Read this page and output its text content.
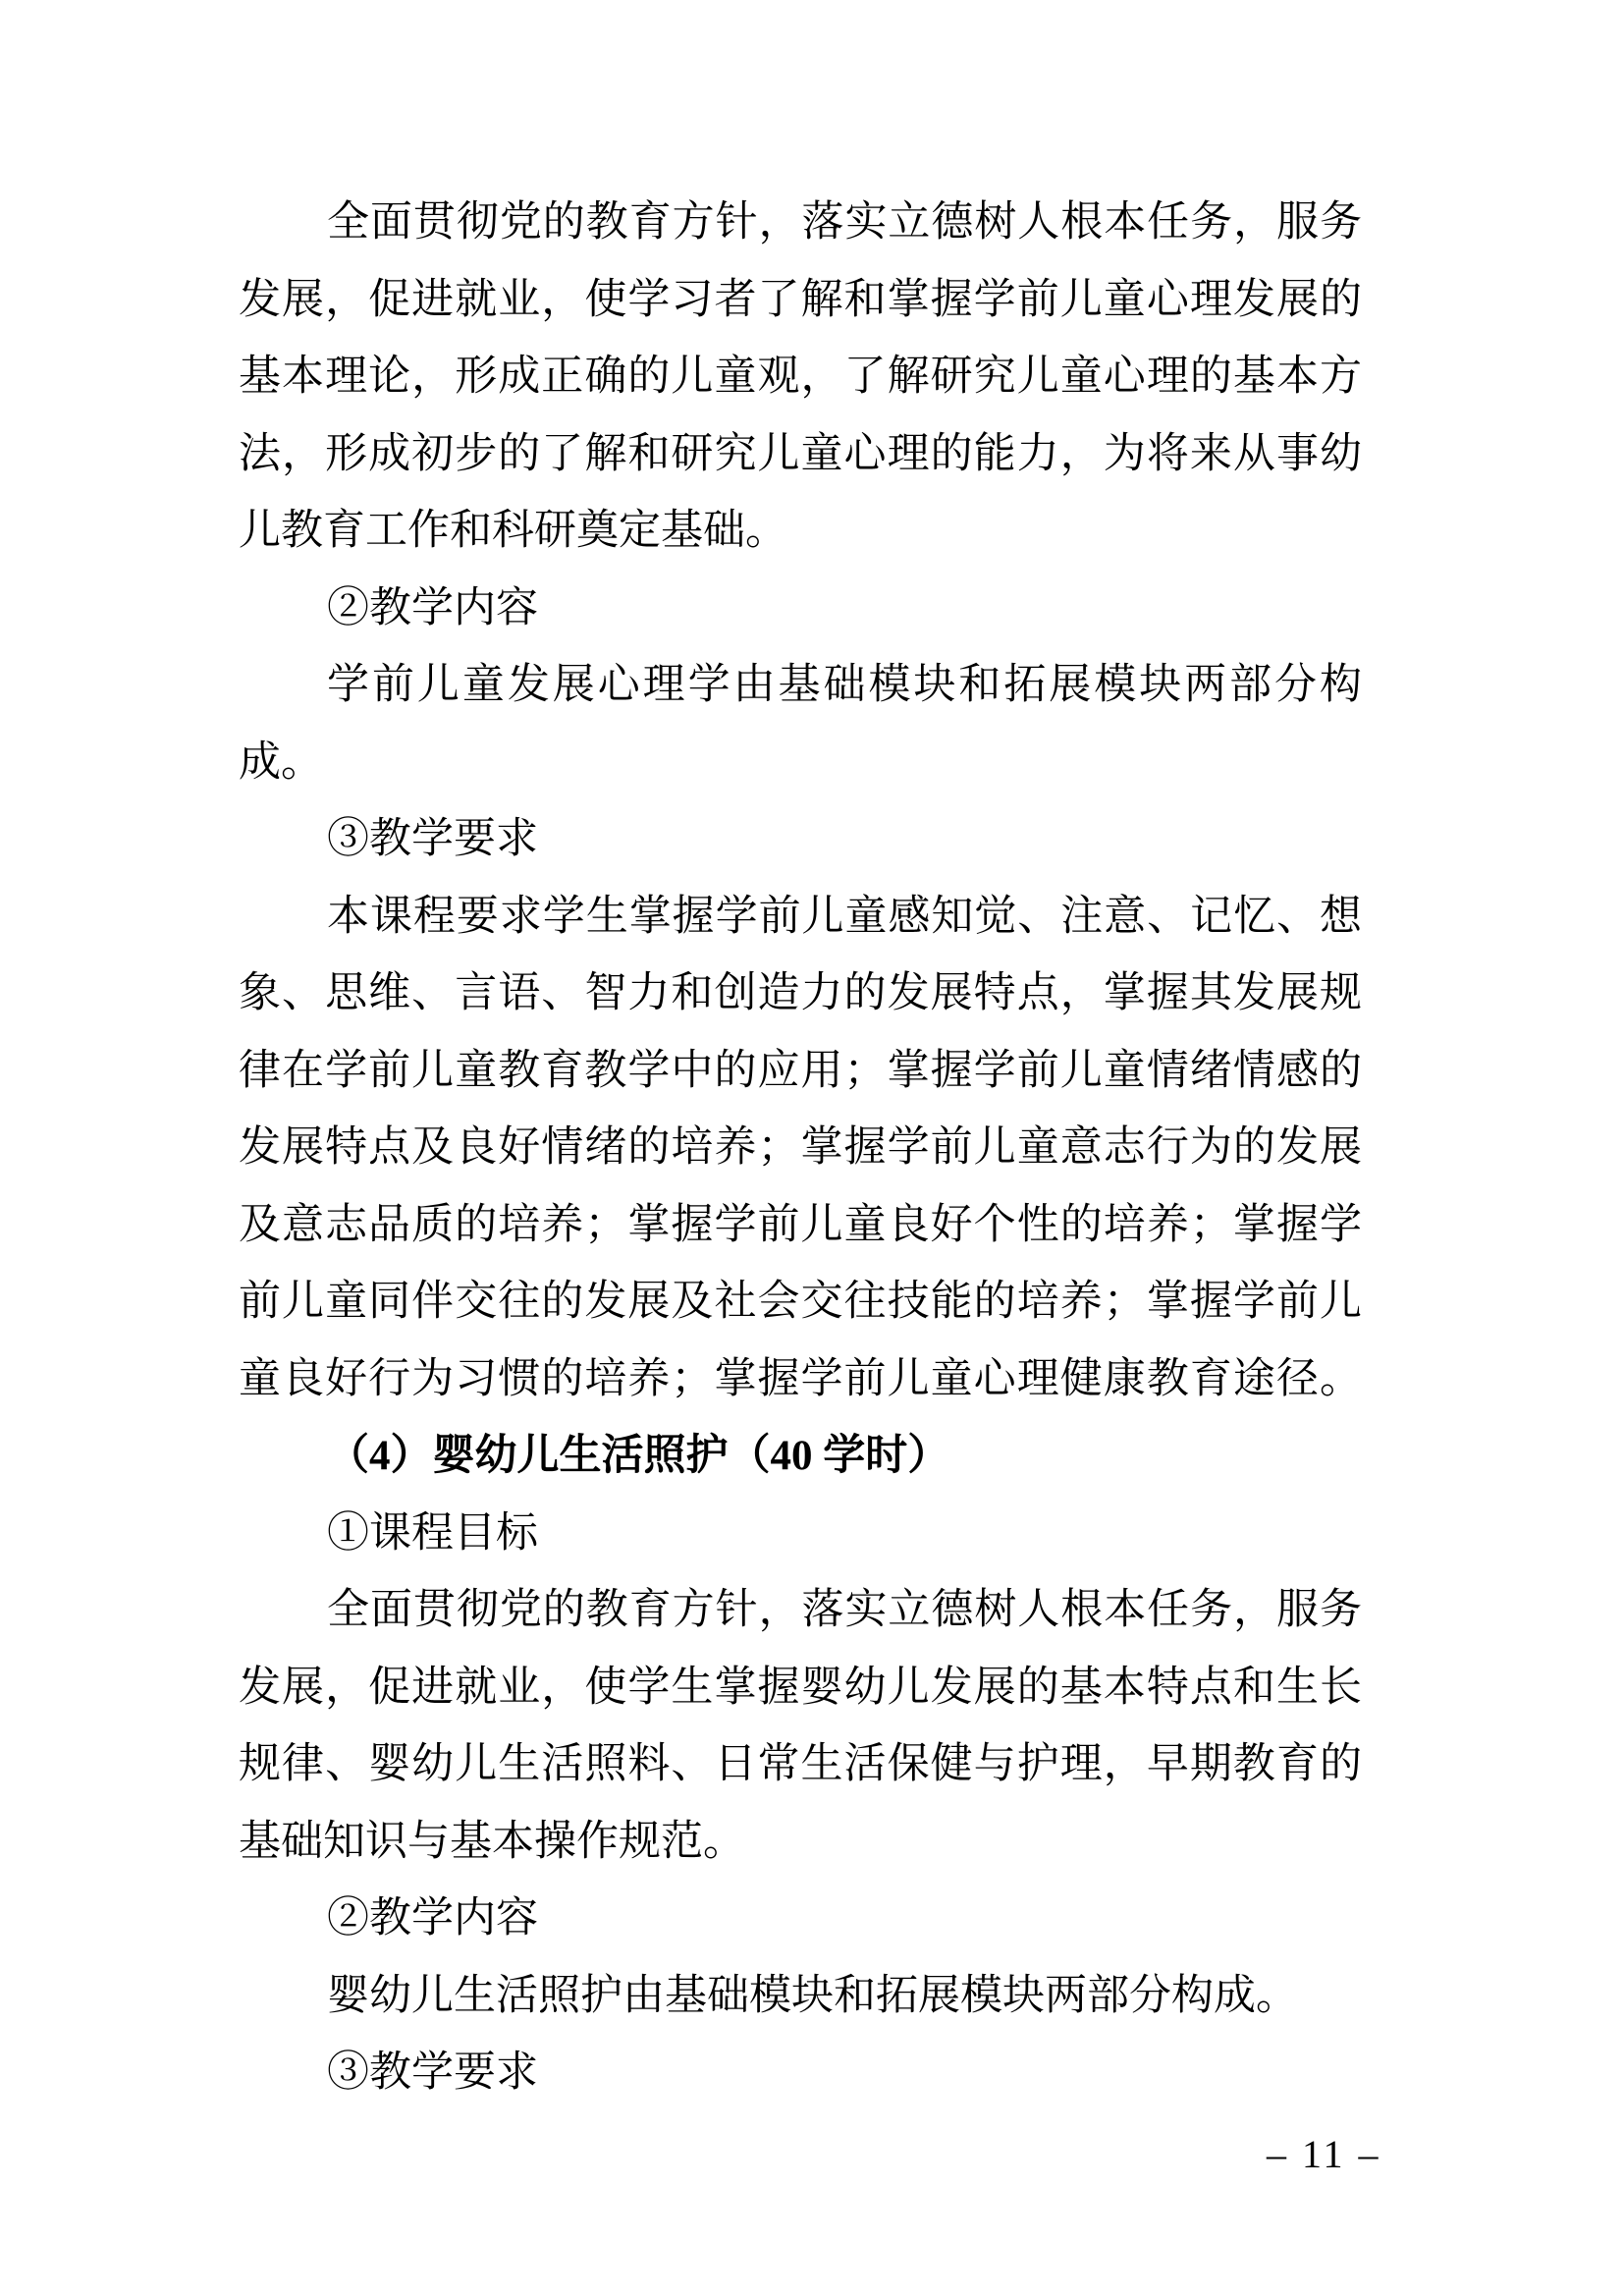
全面贯彻党的教育方针，落实立德树人根本任务，服务
发展，促进就业，使学习者了解和掌握学前儿童心理发展的
基本理论，形成正确的儿童观，了解研究儿童心理的基本方
法，形成初步的了解和研究儿童心理的能力，为将来从事幼
儿教育工作和科研奠定基础。
②教学内容
学前儿童发展心理学由基础模块和拓展模块两部分构
成。
③教学要求
本课程要求学生掌握学前儿童感知觉、注意、记忆、想
象、思维、言语、智力和创造力的发展特点，掌握其发展规
律在学前儿童教育教学中的应用；掌握学前儿童情绪情感的
发展特点及良好情绪的培养；掌握学前儿童意志行为的发展
及意志品质的培养；掌握学前儿童良好个性的培养；掌握学
前儿童同伴交往的发展及社会交往技能的培养；掌握学前儿
童良好行为习惯的培养；掌握学前儿童心理健康教育途径。
（4）婴幼儿生活照护（40 学时）
①课程目标
全面贯彻党的教育方针，落实立德树人根本任务，服务
发展，促进就业，使学生掌握婴幼儿发展的基本特点和生长
规律、婴幼儿生活照料、日常生活保健与护理，早期教育的
基础知识与基本操作规范。
②教学内容
婴幼儿生活照护由基础模块和拓展模块两部分构成。
③教学要求
– 11 –
